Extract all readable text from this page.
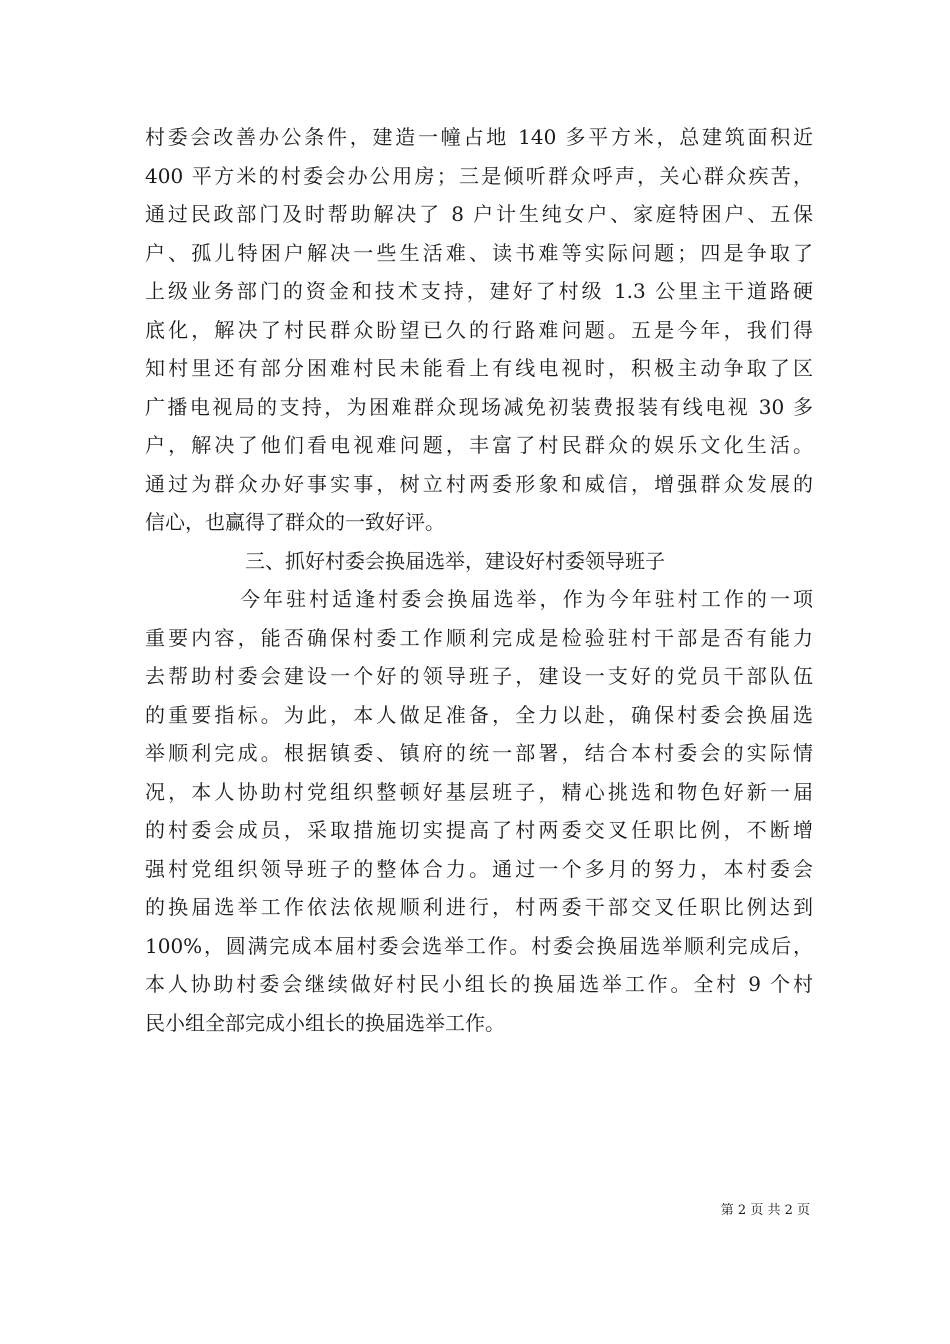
村委会改善办公条件，建造一幢占地 140 多平方米，总建筑面积近
400 平方米的村委会办公用房；三是倾听群众呼声，关心群众疾苦，
通过民政部门及时帮助解决了 8 户计生纯女户、家庭特困户、五保
户、孤儿特困户解决一些生活难、读书难等实际问题；四是争取了
上级业务部门的资金和技术支持，建好了村级 1.3 公里主干道路硬
底化，解决了村民群众盼望已久的行路难问题。五是今年，我们得
知村里还有部分困难村民未能看上有线电视时，积极主动争取了区
广播电视局的支持，为困难群众现场减免初装费报装有线电视 30 多
户，解决了他们看电视难问题，丰富了村民群众的娱乐文化生活。
通过为群众办好事实事，树立村两委形象和威信，增强群众发展的
信心，也赢得了群众的一致好评。
三、抓好村委会换届选举，建设好村委领导班子
今年驻村适逢村委会换届选举，作为今年驻村工作的一项
重要内容，能否确保村委工作顺利完成是检验驻村干部是否有能力
去帮助村委会建设一个好的领导班子，建设一支好的党员干部队伍
的重要指标。为此，本人做足准备，全力以赴，确保村委会换届选
举顺利完成。根据镇委、镇府的统一部署，结合本村委会的实际情
况，本人协助村党组织整顿好基层班子，精心挑选和物色好新一届
的村委会成员，采取措施切实提高了村两委交叉任职比例，不断增
强村党组织领导班子的整体合力。通过一个多月的努力，本村委会
的换届选举工作依法依规顺利进行，村两委干部交叉任职比例达到
100%，圆满完成本届村委会选举工作。村委会换届选举顺利完成后，
本人协助村委会继续做好村民小组长的换届选举工作。全村 9 个村
民小组全部完成小组长的换届选举工作。
第 2 页 共 2 页
